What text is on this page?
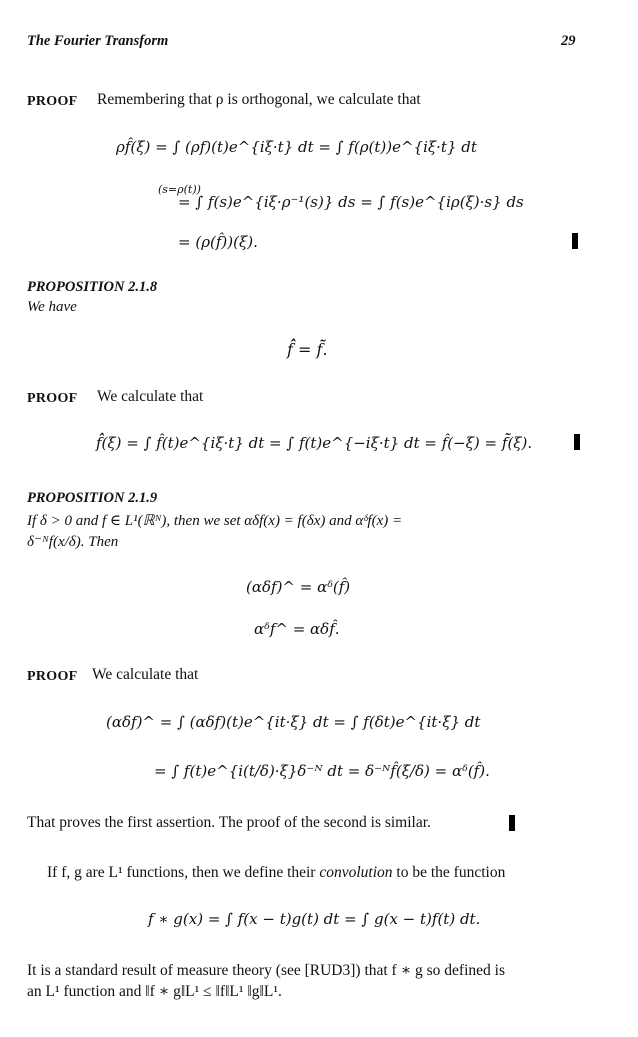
The Fourier Transform	29
PROOF Remembering that ρ is orthogonal, we calculate that
ρf̂(ξ) = ∫ (ρf)(t)e^{iξ·t} dt = ∫ f(ρ(t))e^{iξ·t} dt
(s=ρ(t))
= ∫ f(s)e^{iξ·ρ⁻¹(s)} ds = ∫ f(s)e^{iρ(ξ)·s} ds
= (ρ(f̂))(ξ).
PROPOSITION 2.1.8
We have
f̂̂ = f̃̃.
PROOF We calculate that
f̂̂(ξ) = ∫ f̂(t)e^{iξ·t} dt = ∫ f(t)e^{−iξ·t} dt = f̂(−ξ) = f̃̃(ξ).
PROPOSITION 2.1.9
If δ > 0 and f ∈ L¹(ℝᴺ), then we set αδf(x) = f(δx) and αᵟf(x) =
δ⁻ᴺf(x/δ). Then
(αδf)^ = αᵟ(f̂)
αᵟf^ = αδf̂.
PROOF We calculate that
(αδf)^ = ∫ (αδf)(t)e^{it·ξ} dt = ∫ f(δt)e^{it·ξ} dt
= ∫ f(t)e^{i(t/δ)·ξ}δ⁻ᴺ dt = δ⁻ᴺf̂(ξ/δ) = αᵟ(f̂).
That proves the first assertion. The proof of the second is similar.
If f, g are L¹ functions, then we define their convolution to be the function
f ∗ g(x) = ∫ f(x − t)g(t) dt = ∫ g(x − t)f(t) dt.
It is a standard result of measure theory (see [RUD3]) that f ∗ g so defined is
an L¹ function and ‖f ∗ g‖L¹ ≤ ‖f‖L¹ ‖g‖L¹.
